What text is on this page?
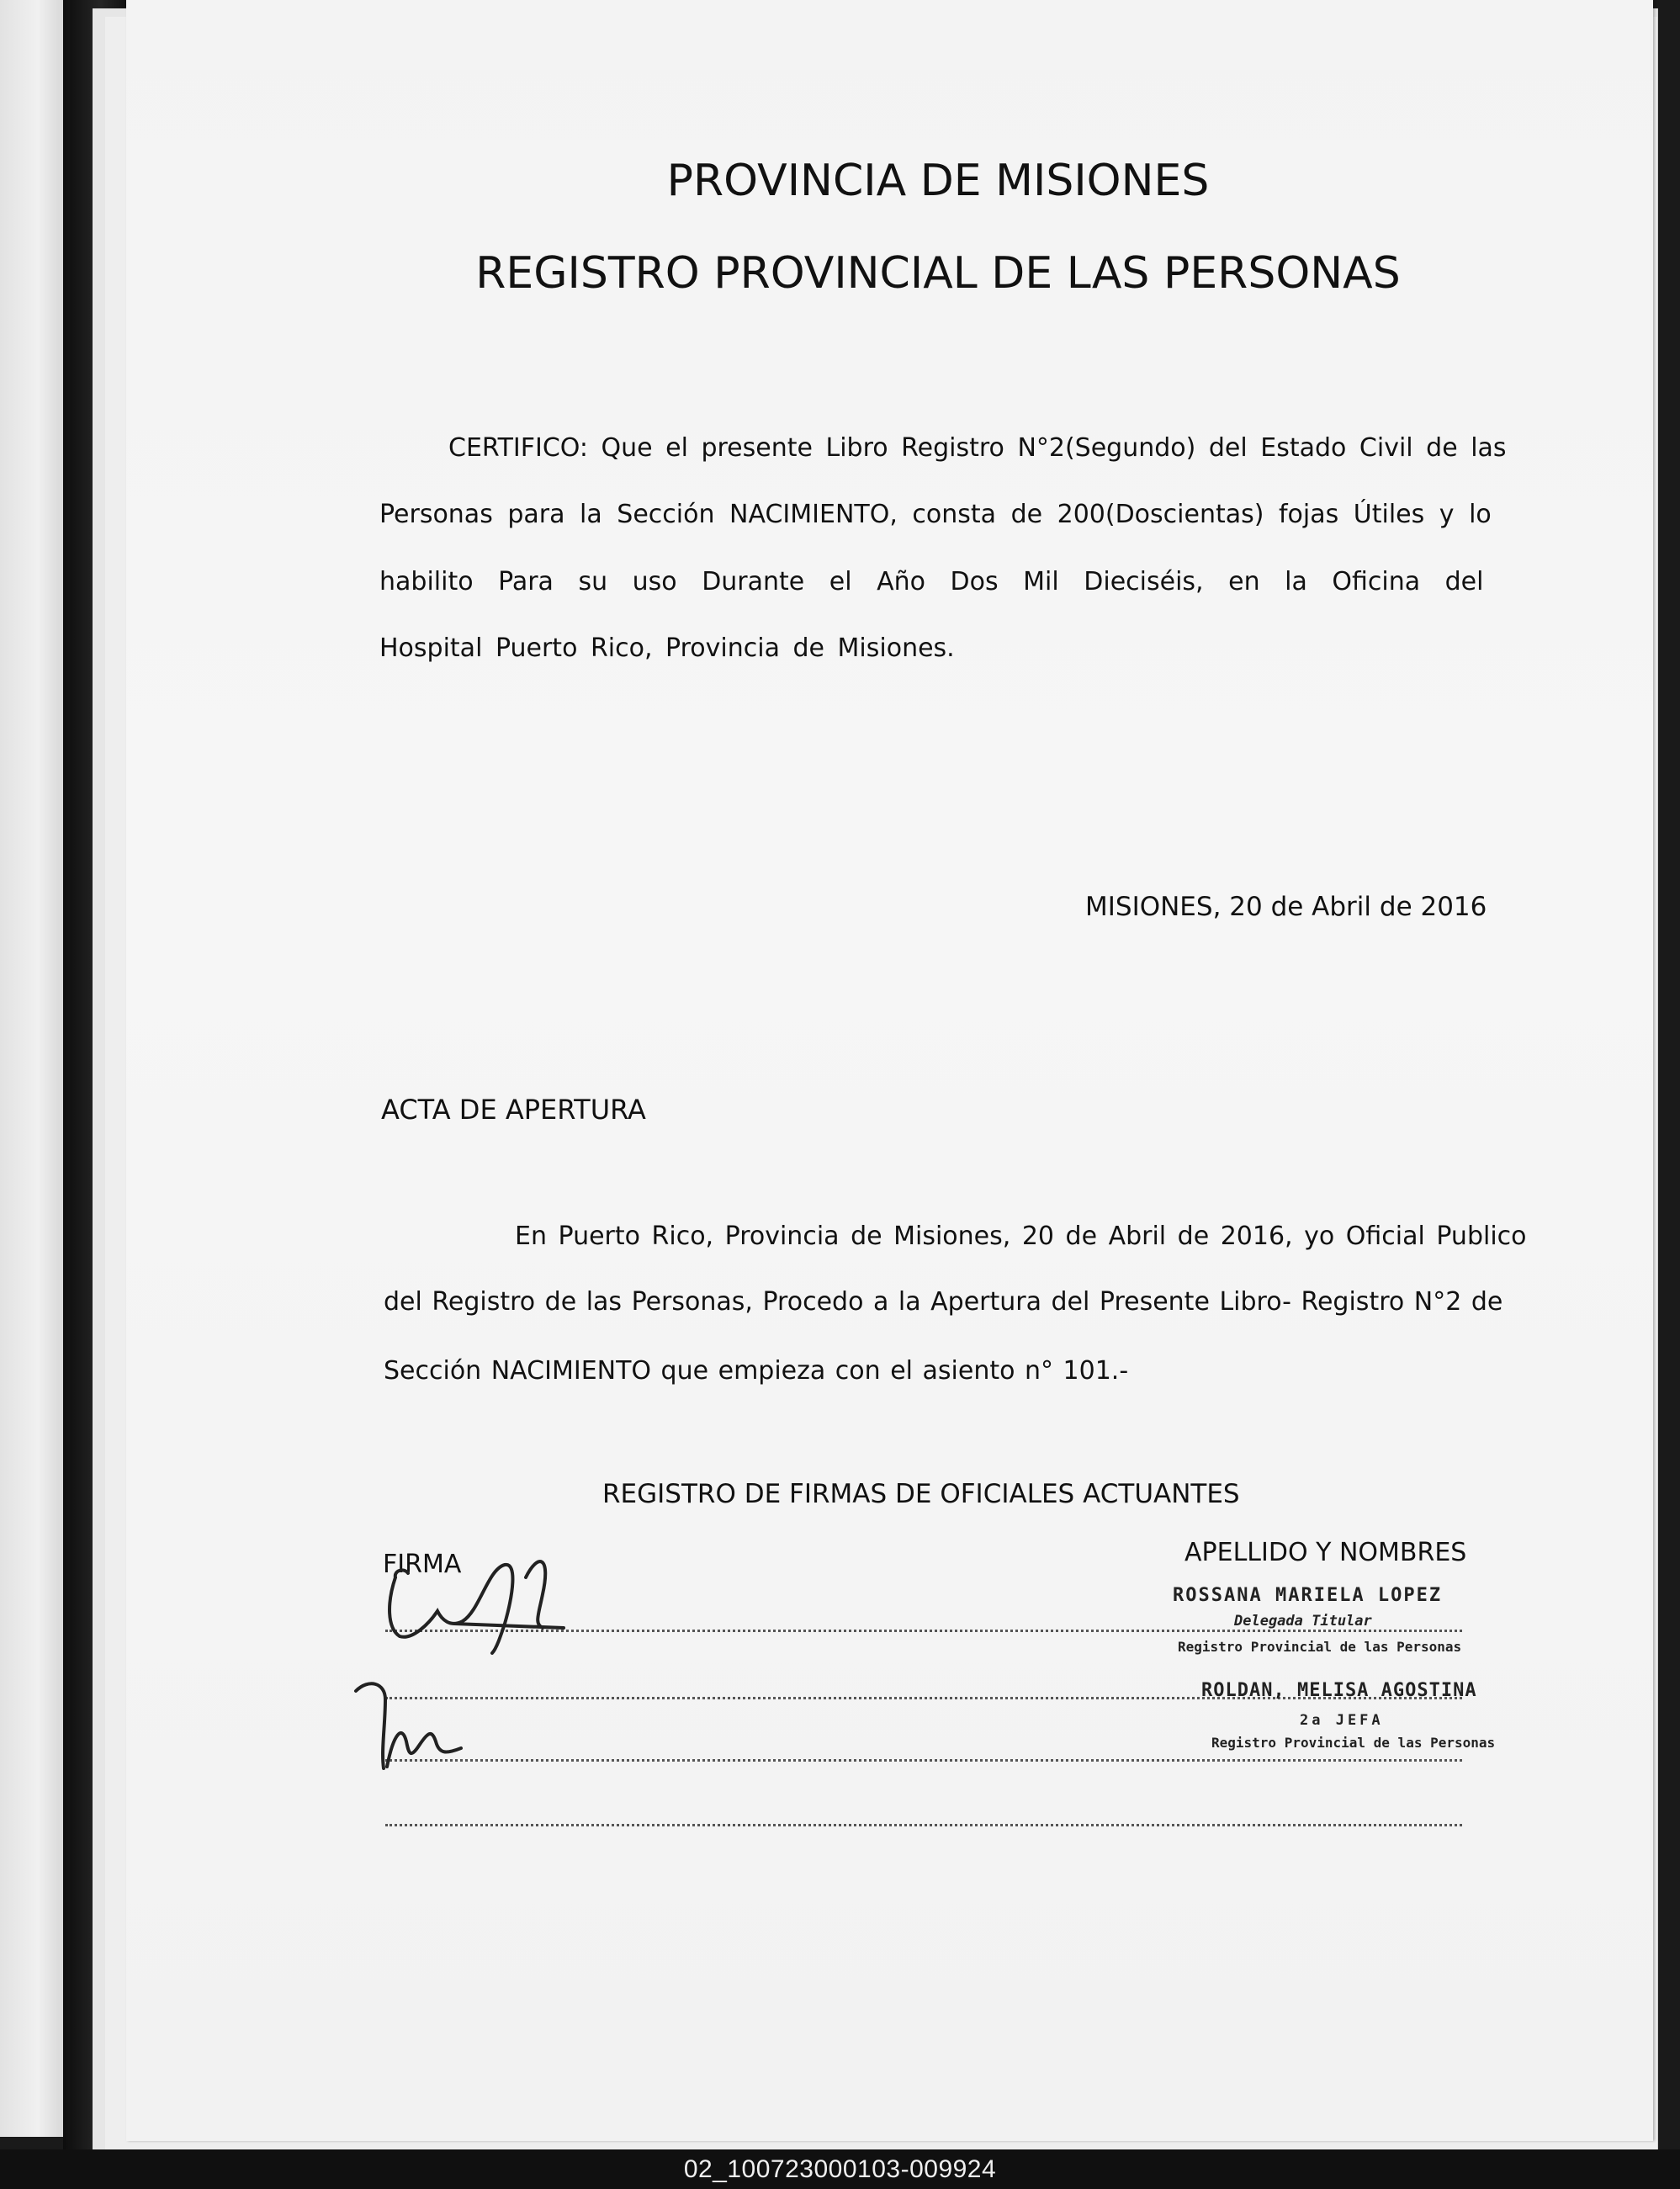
PROVINCIA DE MISIONES
REGISTRO PROVINCIAL DE LAS PERSONAS
CERTIFICO: Que el presente Libro Registro N°2(Segundo) del Estado Civil de las
Personas para la Sección NACIMIENTO, consta de 200(Doscientas) fojas Útiles y lo
habilito Para su uso Durante el Año Dos Mil Dieciséis, en la Oficina del
Hospital Puerto Rico, Provincia de Misiones.
MISIONES, 20 de Abril de 2016
ACTA DE APERTURA
En Puerto Rico, Provincia de Misiones, 20 de Abril de 2016, yo Oficial Publico
del Registro de las Personas, Procedo a la Apertura del Presente Libro- Registro N°2 de
Sección NACIMIENTO que empieza con el asiento n° 101.-
REGISTRO DE FIRMAS DE OFICIALES ACTUANTES
FIRMA	APELLIDO Y NOMBRES
ROSSANA MARIELA LOPEZ
Delegada Titular
Registro Provincial de las Personas
ROLDAN, MELISA AGOSTINA
2a JEFA
Registro Provincial de las Personas
02_100723000103-009924
